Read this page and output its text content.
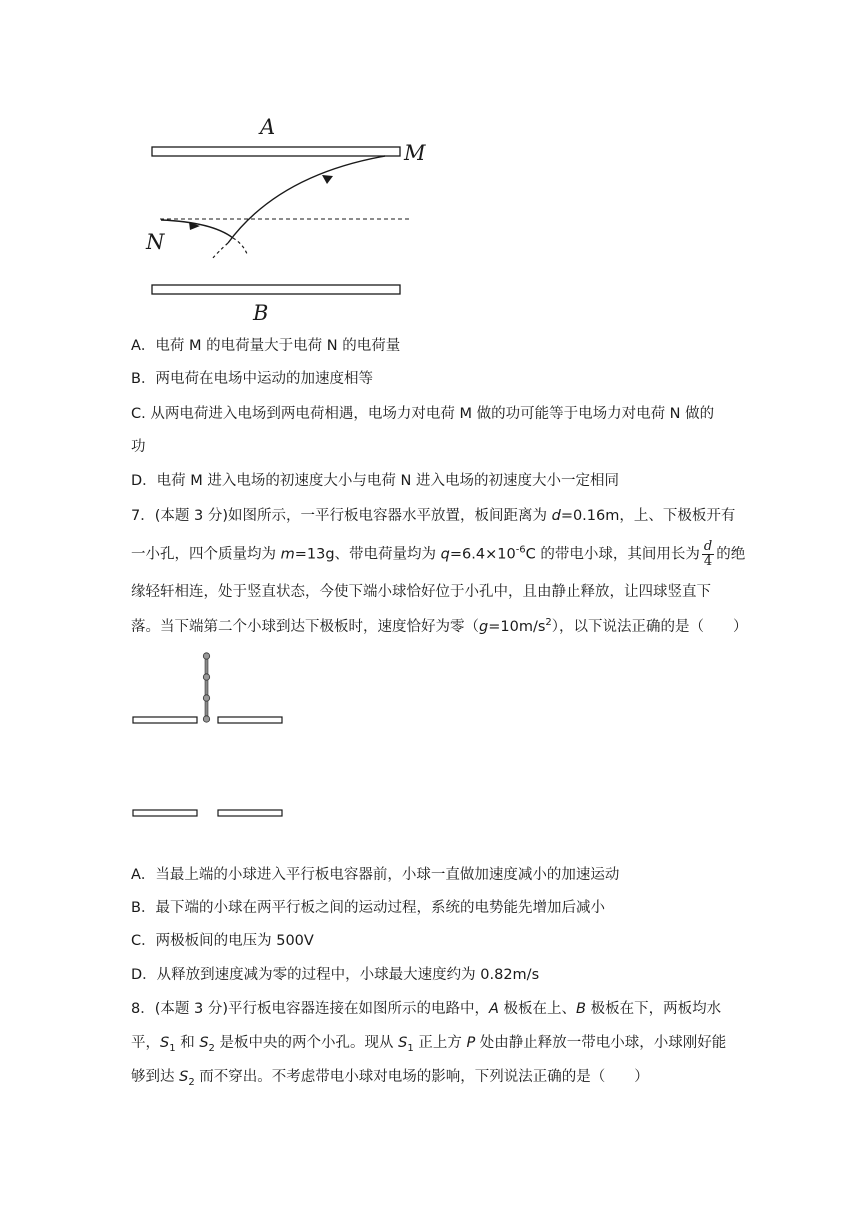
A
M
N
B
A．电荷 M 的电荷量大于电荷 N 的电荷量
B．两电荷在电场中运动的加速度相等
C. 从两电荷进入电场到两电荷相遇，电场力对电荷 M 做的功可能等于电场力对电荷 N 做的
功
D．电荷 M 进入电场的初速度大小与电荷 N 进入电场的初速度大小一定相同
7．(本题 3 分)如图所示，一平行板电容器水平放置，板间距离为 d=0.16m，上、下极板开有
一小孔，四个质量均为 m=13g、带电荷量均为 $q=6.4\times 10^{-6}C$ 的带电小球，其间用长为 $\frac{d}{4}$ 的绝
缘轻轩相连，处于竖直状态，今使下端小球恰好位于小孔中，且由静止释放，让四球竖直下
落。当下端第二个小球到达下极板时，速度恰好为零$(g=10m/s^2)$，以下说法正确的是（　　）
A．当最上端的小球进入平行板电容器前，小球一直做加速度减小的加速运动
B．最下端的小球在两平行板之间的运动过程，系统的电势能先增加后减小
C．两极板间的电压为 500V
D．从释放到速度减为零的过程中，小球最大速度约为 0.82m/s
8．(本题 3 分)平行板电容器连接在如图所示的电路中，A 极板在上、B 极板在下，两板均水
平，$S_1$ 和 $S_2$ 是板中央的两个小孔。现从 $S_1$ 正上方 P 处由静止释放一带电小球，小球刚好能
够到达 $S_2$ 而不穿出。不考虑带电小球对电场的影响，下列说法正确的是（　　）
